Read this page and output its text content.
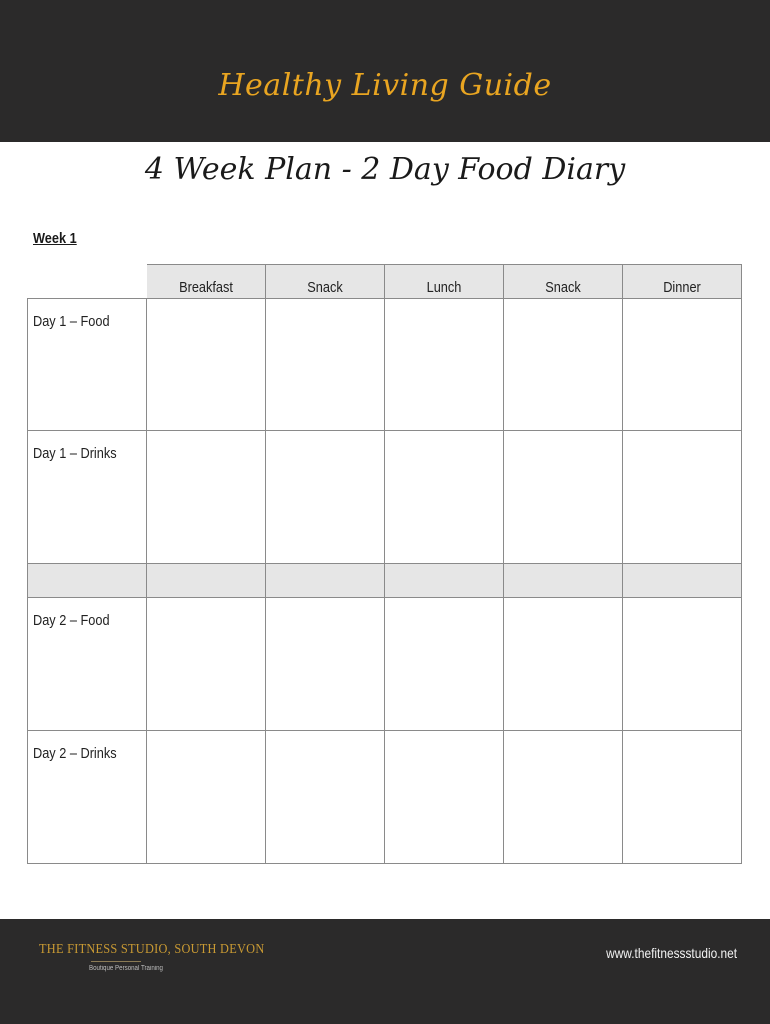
Healthy Living Guide
4 Week Plan - 2 Day Food Diary
Week 1
Breakfast	Snack	Lunch	Snack	Dinner
Day 1 – Food
Day 1 – Drinks
Day 2 – Food
Day 2 – Drinks
THE FITNESS STUDIO, SOUTH DEVON
Boutique Personal Training
www.thefitnessstudio.net
